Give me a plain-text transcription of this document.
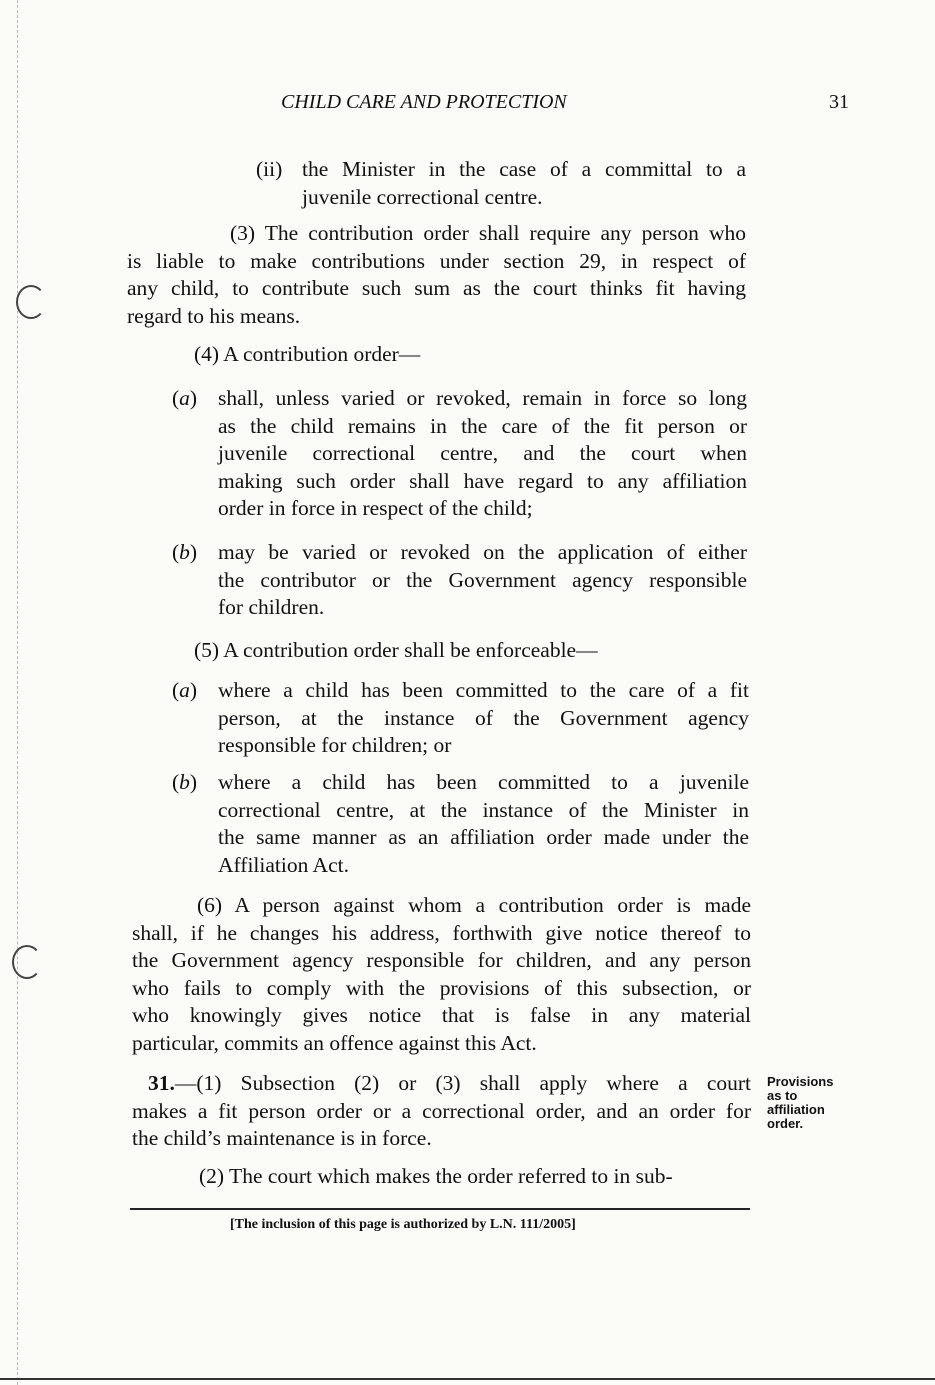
CHILD CARE AND PROTECTION	31
(ii) the Minister in the case of a committal to a
juvenile correctional centre.
(3) The contribution order shall require any person who
is liable to make contributions under section 29, in respect of
any child, to contribute such sum as the court thinks fit having
regard to his means.
(4) A contribution order—
(a) shall, unless varied or revoked, remain in force so long
as the child remains in the care of the fit person or
juvenile correctional centre, and the court when
making such order shall have regard to any affiliation
order in force in respect of the child;
(b) may be varied or revoked on the application of either
the contributor or the Government agency responsible
for children.
(5) A contribution order shall be enforceable—
(a) where a child has been committed to the care of a fit
person, at the instance of the Government agency
responsible for children; or
(b) where a child has been committed to a juvenile
correctional centre, at the instance of the Minister in
the same manner as an affiliation order made under the
Affiliation Act.
(6) A person against whom a contribution order is made
shall, if he changes his address, forthwith give notice thereof to
the Government agency responsible for children, and any person
who fails to comply with the provisions of this subsection, or
who knowingly gives notice that is false in any material
particular, commits an offence against this Act.
31.—(1) Subsection (2) or (3) shall apply where a court
makes a fit person order or a correctional order, and an order for
the child’s maintenance is in force.
Provisions
as to
affiliation
order.
(2) The court which makes the order referred to in sub-
[The inclusion of this page is authorized by L.N. 111/2005]
